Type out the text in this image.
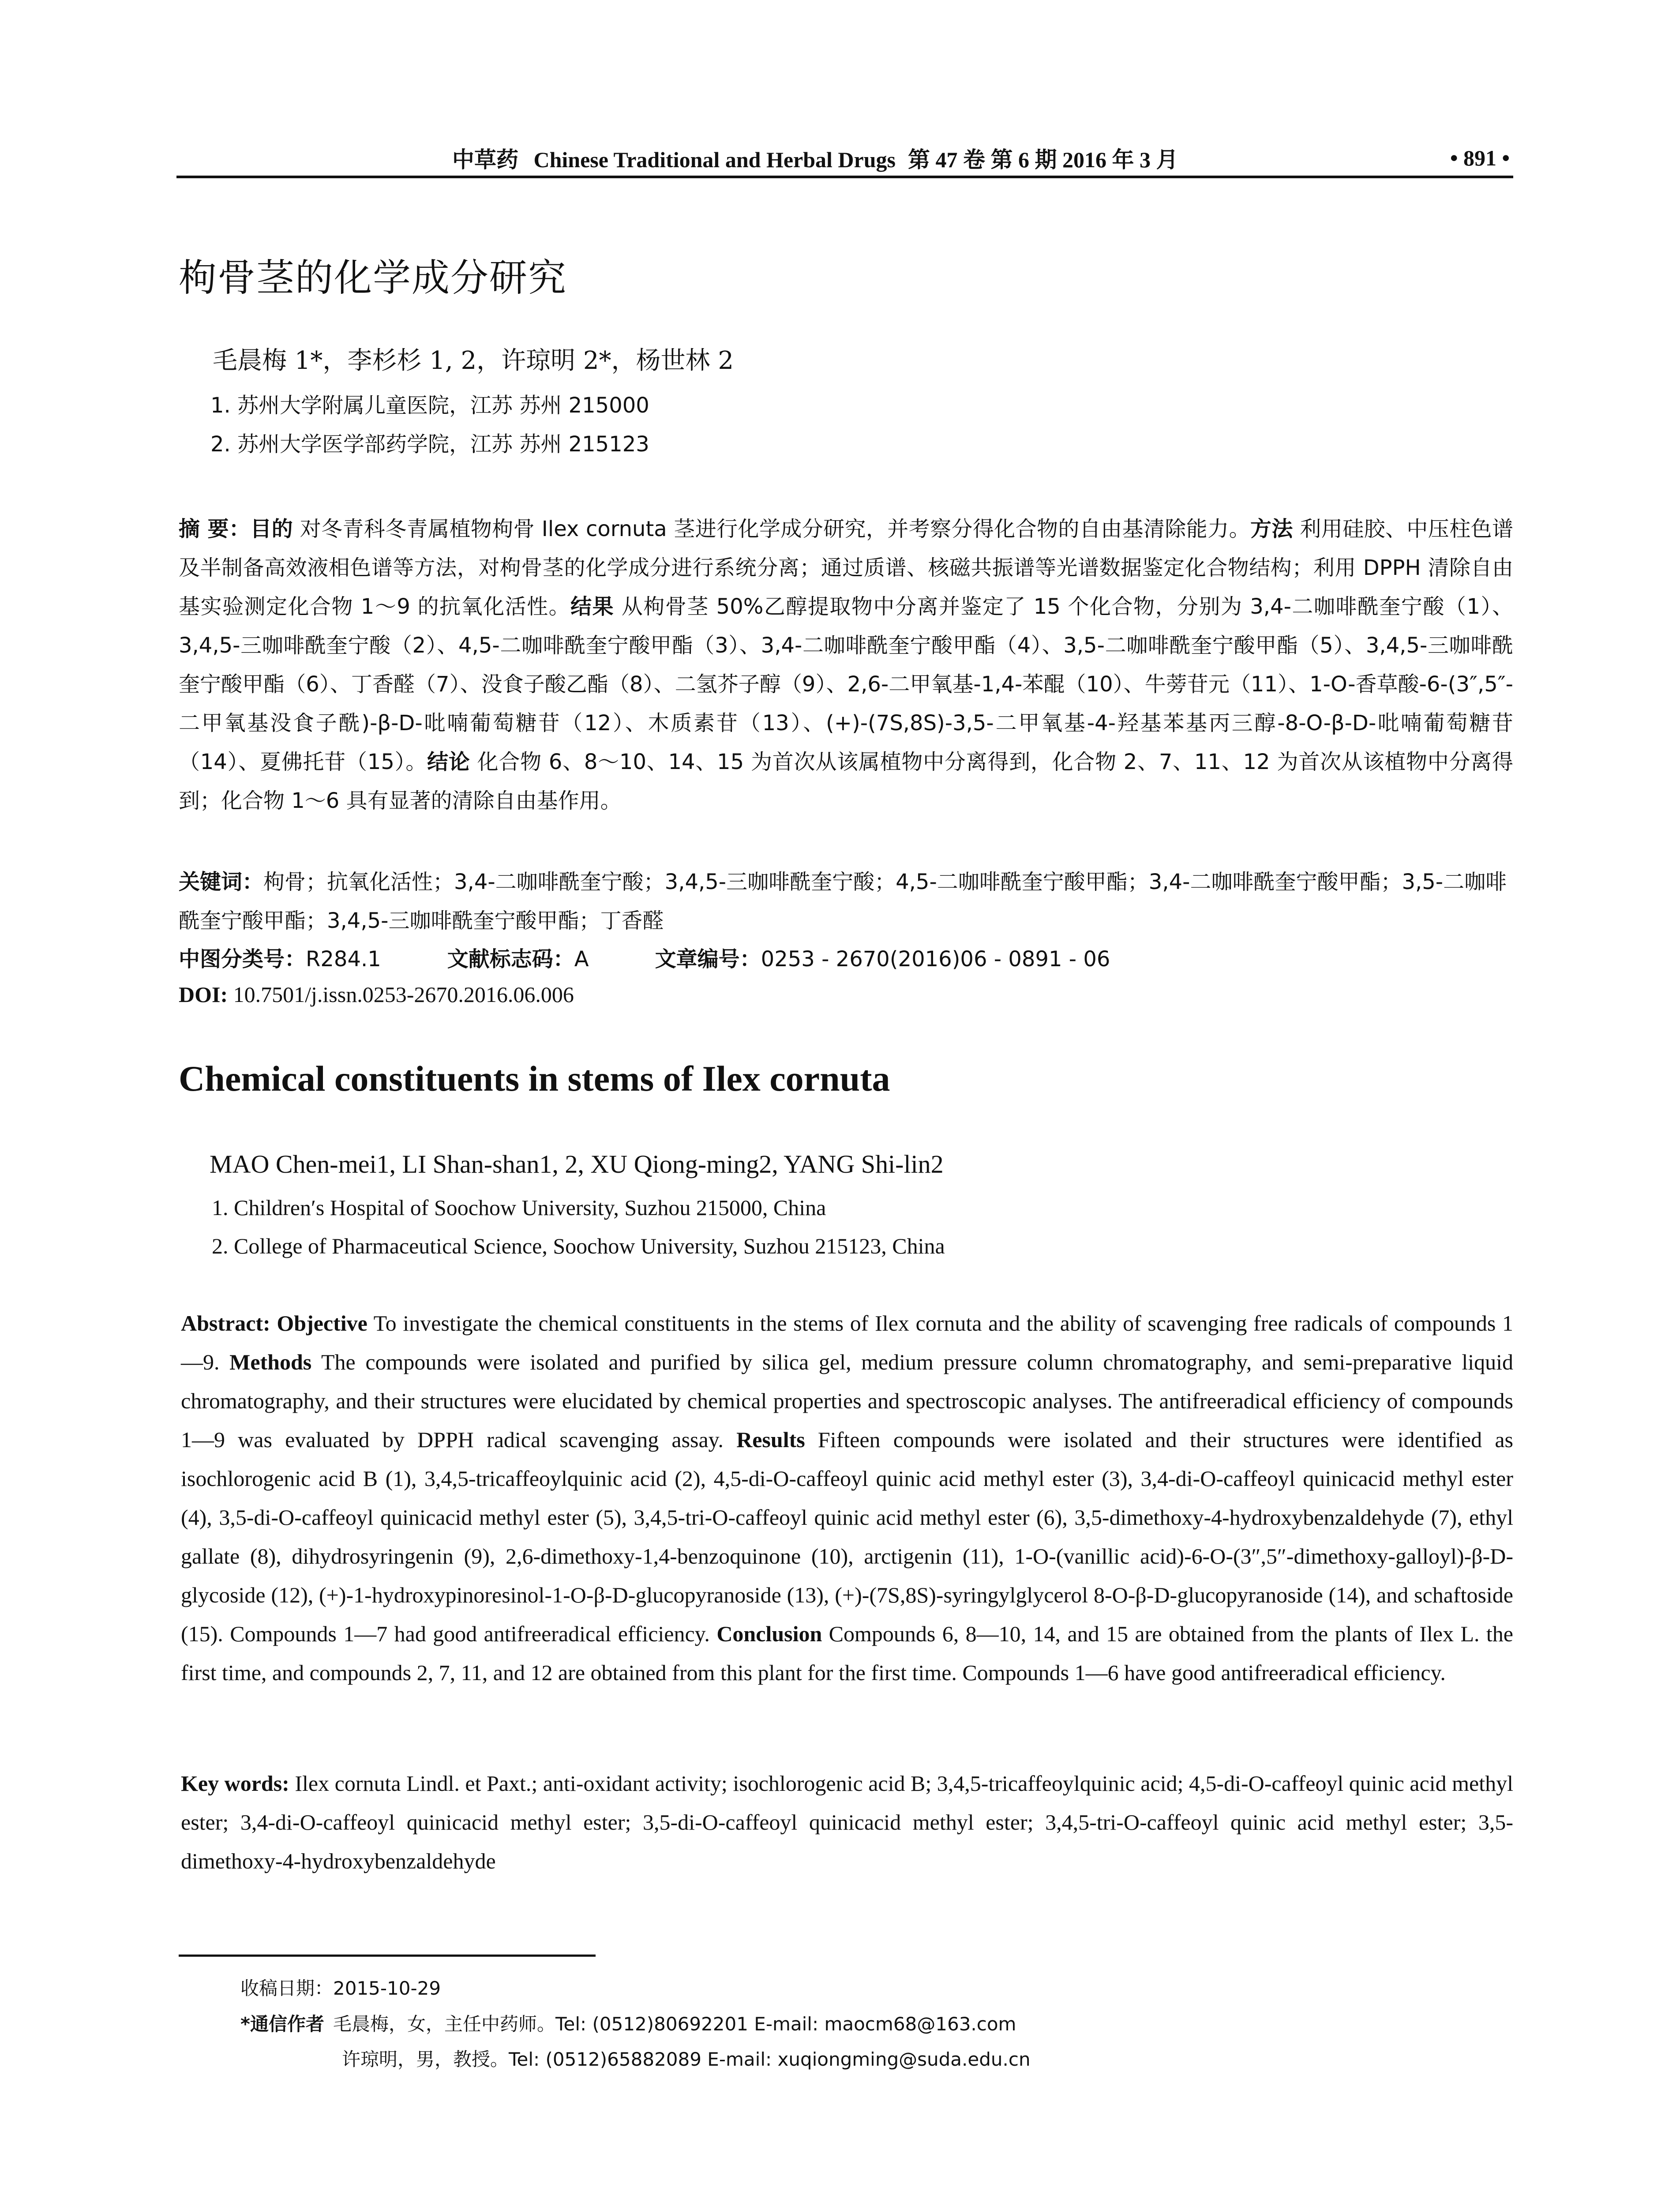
中草药 Chinese Traditional and Herbal Drugs 第 47 卷 第 6 期 2016 年 3 月	• 891 •
枸骨茎的化学成分研究
毛晨梅 1*，李杉杉 1, 2，许琼明 2*，杨世林 2
1. 苏州大学附属儿童医院，江苏 苏州 215000
2. 苏州大学医学部药学院，江苏 苏州 215123
摘 要：目的 对冬青科冬青属植物枸骨 Ilex cornuta 茎进行化学成分研究，并考察分得化合物的自由基清除能力。方法 利用硅胶、中压柱色谱及半制备高效液相色谱等方法，对枸骨茎的化学成分进行系统分离；通过质谱、核磁共振谱等光谱数据鉴定化合物结构；利用 DPPH 清除自由基实验测定化合物 1～9 的抗氧化活性。结果 从枸骨茎 50%乙醇提取物中分离并鉴定了 15 个化合物，分别为 3,4-二咖啡酰奎宁酸（1）、3,4,5-三咖啡酰奎宁酸（2）、4,5-二咖啡酰奎宁酸甲酯（3）、3,4-二咖啡酰奎宁酸甲酯（4）、3,5-二咖啡酰奎宁酸甲酯（5）、3,4,5-三咖啡酰奎宁酸甲酯（6）、丁香醛（7）、没食子酸乙酯（8）、二氢芥子醇（9）、2,6-二甲氧基-1,4-苯醌（10）、牛蒡苷元（11）、1-O-香草酸-6-(3″,5″-二甲氧基没食子酰)-β-D-吡喃葡萄糖苷（12）、木质素苷（13）、(+)-(7S,8S)-3,5-二甲氧基-4-羟基苯基丙三醇-8-O-β-D-吡喃葡萄糖苷（14）、夏佛托苷（15）。结论 化合物 6、8～10、14、15 为首次从该属植物中分离得到，化合物 2、7、11、12 为首次从该植物中分离得到；化合物 1～6 具有显著的清除自由基作用。
关键词：枸骨；抗氧化活性；3,4-二咖啡酰奎宁酸；3,4,5-三咖啡酰奎宁酸；4,5-二咖啡酰奎宁酸甲酯；3,4-二咖啡酰奎宁酸甲酯；3,5-二咖啡酰奎宁酸甲酯；3,4,5-三咖啡酰奎宁酸甲酯；丁香醛
中图分类号：R284.1	文献标志码：A	文章编号：0253 - 2670(2016)06 - 0891 - 06
DOI: 10.7501/j.issn.0253-2670.2016.06.006
Chemical constituents in stems of Ilex cornuta
MAO Chen-mei1, LI Shan-shan1, 2, XU Qiong-ming2, YANG Shi-lin2
1. Children′s Hospital of Soochow University, Suzhou 215000, China
2. College of Pharmaceutical Science, Soochow University, Suzhou 215123, China
Abstract: Objective To investigate the chemical constituents in the stems of Ilex cornuta and the ability of scavenging free radicals of compounds 1—9. Methods The compounds were isolated and purified by silica gel, medium pressure column chromatography, and semi-preparative liquid chromatography, and their structures were elucidated by chemical properties and spectroscopic analyses. The antifreeradical efficiency of compounds 1—9 was evaluated by DPPH radical scavenging assay. Results Fifteen compounds were isolated and their structures were identified as isochlorogenic acid B (1), 3,4,5-tricaffeoylquinic acid (2), 4,5-di-O-caffeoyl quinic acid methyl ester (3), 3,4-di-O-caffeoyl quinicacid methyl ester (4), 3,5-di-O-caffeoyl quinicacid methyl ester (5), 3,4,5-tri-O-caffeoyl quinic acid methyl ester (6), 3,5-dimethoxy-4-hydroxybenzaldehyde (7), ethyl gallate (8), dihydrosyringenin (9), 2,6-dimethoxy-1,4-benzoquinone (10), arctigenin (11), 1-O-(vanillic acid)-6-O-(3″,5″-dimethoxy-galloyl)-β-D-glycoside (12), (+)-1-hydroxypinoresinol-1-O-β-D-glucopyranoside (13), (+)-(7S,8S)-syringylglycerol 8-O-β-D-glucopyranoside (14), and schaftoside (15). Compounds 1—7 had good antifreeradical efficiency. Conclusion Compounds 6, 8—10, 14, and 15 are obtained from the plants of Ilex L. the first time, and compounds 2, 7, 11, and 12 are obtained from this plant for the first time. Compounds 1—6 have good antifreeradical efficiency.
Key words: Ilex cornuta Lindl. et Paxt.; anti-oxidant activity; isochlorogenic acid B; 3,4,5-tricaffeoylquinic acid; 4,5-di-O-caffeoyl quinic acid methyl ester; 3,4-di-O-caffeoyl quinicacid methyl ester; 3,5-di-O-caffeoyl quinicacid methyl ester; 3,4,5-tri-O-caffeoyl quinic acid methyl ester; 3,5-dimethoxy-4-hydroxybenzaldehyde
收稿日期：2015-10-29
*通信作者 毛晨梅，女，主任中药师。Tel: (0512)80692201 E-mail: maocm68@163.com
许琼明，男，教授。Tel: (0512)65882089 E-mail: xuqiongming@suda.edu.cn
